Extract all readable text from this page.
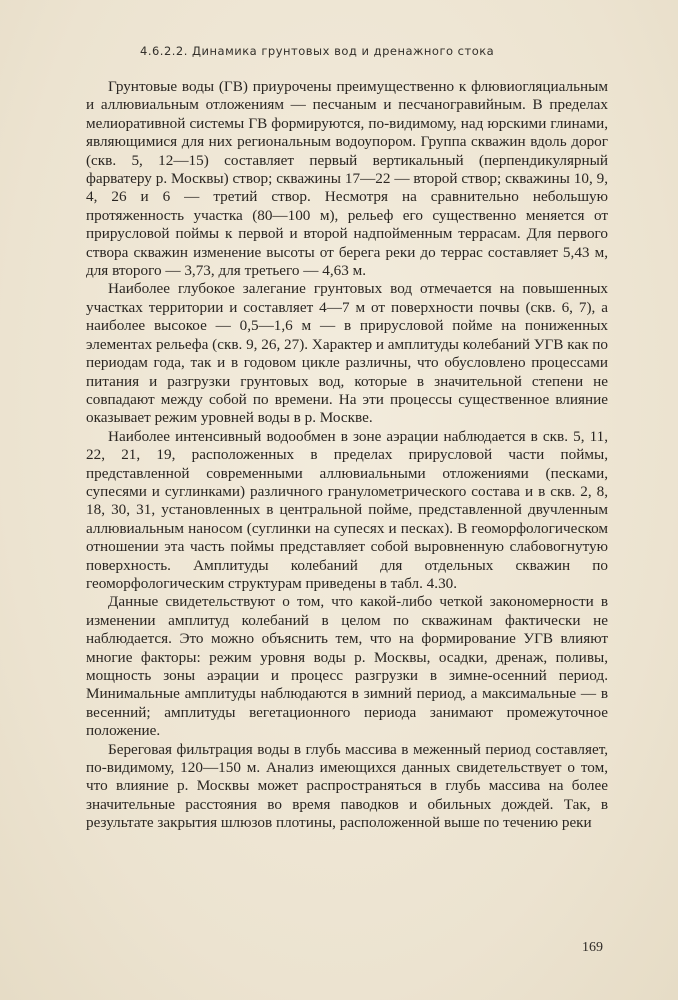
4.6.2.2. Динамика грунтовых вод и дренажного стока

Грунтовые воды (ГВ) приурочены преимущественно к флювиогляциальным и аллювиальным отложениям — песчаным и песчаногравийным. В пределах мелиоративной системы ГВ формируются, по-видимому, над юрскими глинами, являющимися для них региональным водоупором. Группа скважин вдоль дорог (скв. 5, 12—15) составляет первый вертикальный (перпендикулярный фарватеру р. Москвы) створ; скважины 17—22 — второй створ; скважины 10, 9, 4, 26 и 6 — третий створ. Несмотря на сравнительно небольшую протяженность участка (80—100 м), рельеф его существенно меняется от прирусловой поймы к первой и второй надпойменным террасам. Для первого створа скважин изменение высоты от берега реки до террас составляет 5,43 м, для второго — 3,73, для третьего — 4,63 м.

Наиболее глубокое залегание грунтовых вод отмечается на повышенных участках территории и составляет 4—7 м от поверхности почвы (скв. 6, 7), а наиболее высокое — 0,5—1,6 м — в прирусловой пойме на пониженных элементах рельефа (скв. 9, 26, 27). Характер и амплитуды колебаний УГВ как по периодам года, так и в годовом цикле различны, что обусловлено процессами питания и разгрузки грунтовых вод, которые в значительной степени не совпадают между собой по времени. На эти процессы существенное влияние оказывает режим уровней воды в р. Москве.

Наиболее интенсивный водообмен в зоне аэрации наблюдается в скв. 5, 11, 22, 21, 19, расположенных в пределах прирусловой части поймы, представленной современными аллювиальными отложениями (песками, супесями и суглинками) различного гранулометрического состава и в скв. 2, 8, 18, 30, 31, установленных в центральной пойме, представленной двучленным аллювиальным наносом (суглинки на супесях и песках). В геоморфологическом отношении эта часть поймы представляет собой выровненную слабовогнутую поверхность. Амплитуды колебаний для отдельных скважин по геоморфологическим структурам приведены в табл. 4.30.

Данные свидетельствуют о том, что какой-либо четкой закономерности в изменении амплитуд колебаний в целом по скважинам фактически не наблюдается. Это можно объяснить тем, что на формирование УГВ влияют многие факторы: режим уровня воды р. Москвы, осадки, дренаж, поливы, мощность зоны аэрации и процесс разгрузки в зимне-осенний период. Минимальные амплитуды наблюдаются в зимний период, а максимальные — в весенний; амплитуды вегетационного периода занимают промежуточное положение.

Береговая фильтрация воды в глубь массива в меженный период составляет, по-видимому, 120—150 м. Анализ имеющихся данных свидетельствует о том, что влияние р. Москвы может распространяться в глубь массива на более значительные расстояния во время паводков и обильных дождей. Так, в результате закрытия шлюзов плотины, расположенной выше по течению реки

169
